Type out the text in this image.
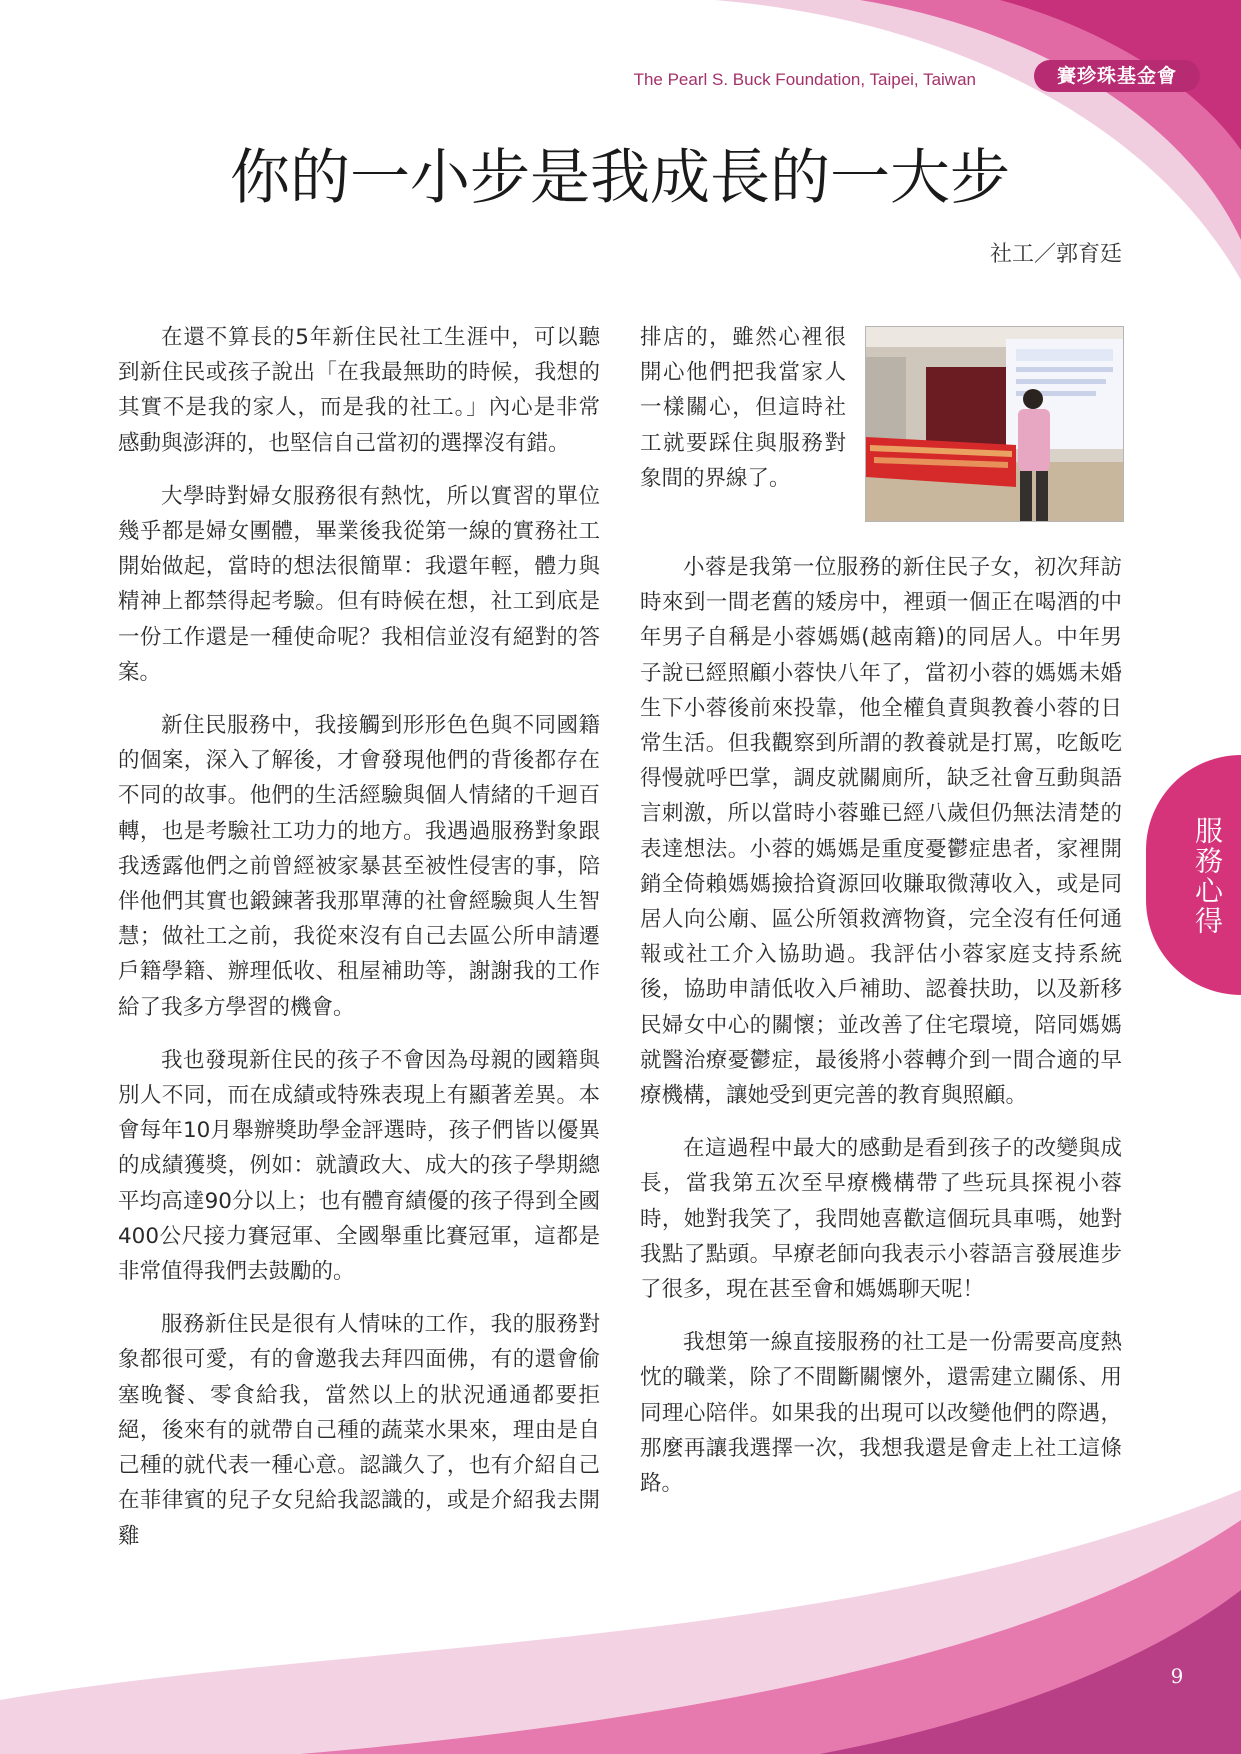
The Pearl S. Buck Foundation, Taipei, Taiwan	賽珍珠基金會
你的一小步是我成長的一大步
社工／郭育廷

在還不算長的5年新住民社工生涯中，可以聽到新住民或孩子說出「在我最無助的時候，我想的其實不是我的家人，而是我的社工。」內心是非常感動與澎湃的，也堅信自己當初的選擇沒有錯。

大學時對婦女服務很有熱忱，所以實習的單位幾乎都是婦女團體，畢業後我從第一線的實務社工開始做起，當時的想法很簡單：我還年輕，體力與精神上都禁得起考驗。但有時候在想，社工到底是一份工作還是一種使命呢？我相信並沒有絕對的答案。

新住民服務中，我接觸到形形色色與不同國籍的個案，深入了解後，才會發現他們的背後都存在不同的故事。他們的生活經驗與個人情緒的千迴百轉，也是考驗社工功力的地方。我遇過服務對象跟我透露他們之前曾經被家暴甚至被性侵害的事，陪伴他們其實也鍛鍊著我那單薄的社會經驗與人生智慧；做社工之前，我從來沒有自己去區公所申請遷戶籍學籍、辦理低收、租屋補助等，謝謝我的工作給了我多方學習的機會。

我也發現新住民的孩子不會因為母親的國籍與別人不同，而在成績或特殊表現上有顯著差異。本會每年10月舉辦獎助學金評選時，孩子們皆以優異的成績獲獎，例如：就讀政大、成大的孩子學期總平均高達90分以上；也有體育績優的孩子得到全國400公尺接力賽冠軍、全國舉重比賽冠軍，這都是非常值得我們去鼓勵的。

服務新住民是很有人情味的工作，我的服務對象都很可愛，有的會邀我去拜四面佛，有的還會偷塞晚餐、零食給我，當然以上的狀況通通都要拒絕，後來有的就帶自己種的蔬菜水果來，理由是自己種的就代表一種心意。認識久了，也有介紹自己在菲律賓的兒子女兒給我認識的，或是介紹我去開雞

排店的，雖然心裡很開心他們把我當家人一樣關心，但這時社工就要踩住與服務對象間的界線了。

小蓉是我第一位服務的新住民子女，初次拜訪時來到一間老舊的矮房中，裡頭一個正在喝酒的中年男子自稱是小蓉媽媽(越南籍)的同居人。中年男子說已經照顧小蓉快八年了，當初小蓉的媽媽未婚生下小蓉後前來投靠，他全權負責與教養小蓉的日常生活。但我觀察到所謂的教養就是打罵，吃飯吃得慢就呼巴掌，調皮就關廁所，缺乏社會互動與語言刺激，所以當時小蓉雖已經八歲但仍無法清楚的表達想法。小蓉的媽媽是重度憂鬱症患者，家裡開銷全倚賴媽媽撿拾資源回收賺取微薄收入，或是同居人向公廟、區公所領救濟物資，完全沒有任何通報或社工介入協助過。我評估小蓉家庭支持系統後，協助申請低收入戶補助、認養扶助，以及新移民婦女中心的關懷；並改善了住宅環境，陪同媽媽就醫治療憂鬱症，最後將小蓉轉介到一間合適的早療機構，讓她受到更完善的教育與照顧。

在這過程中最大的感動是看到孩子的改變與成長，當我第五次至早療機構帶了些玩具探視小蓉時，她對我笑了，我問她喜歡這個玩具車嗎，她對我點了點頭。早療老師向我表示小蓉語言發展進步了很多，現在甚至會和媽媽聊天呢！

我想第一線直接服務的社工是一份需要高度熱忱的職業，除了不間斷關懷外，還需建立關係、用同理心陪伴。如果我的出現可以改變他們的際遇，那麼再讓我選擇一次，我想我還是會走上社工這條路。

服務心得
9
